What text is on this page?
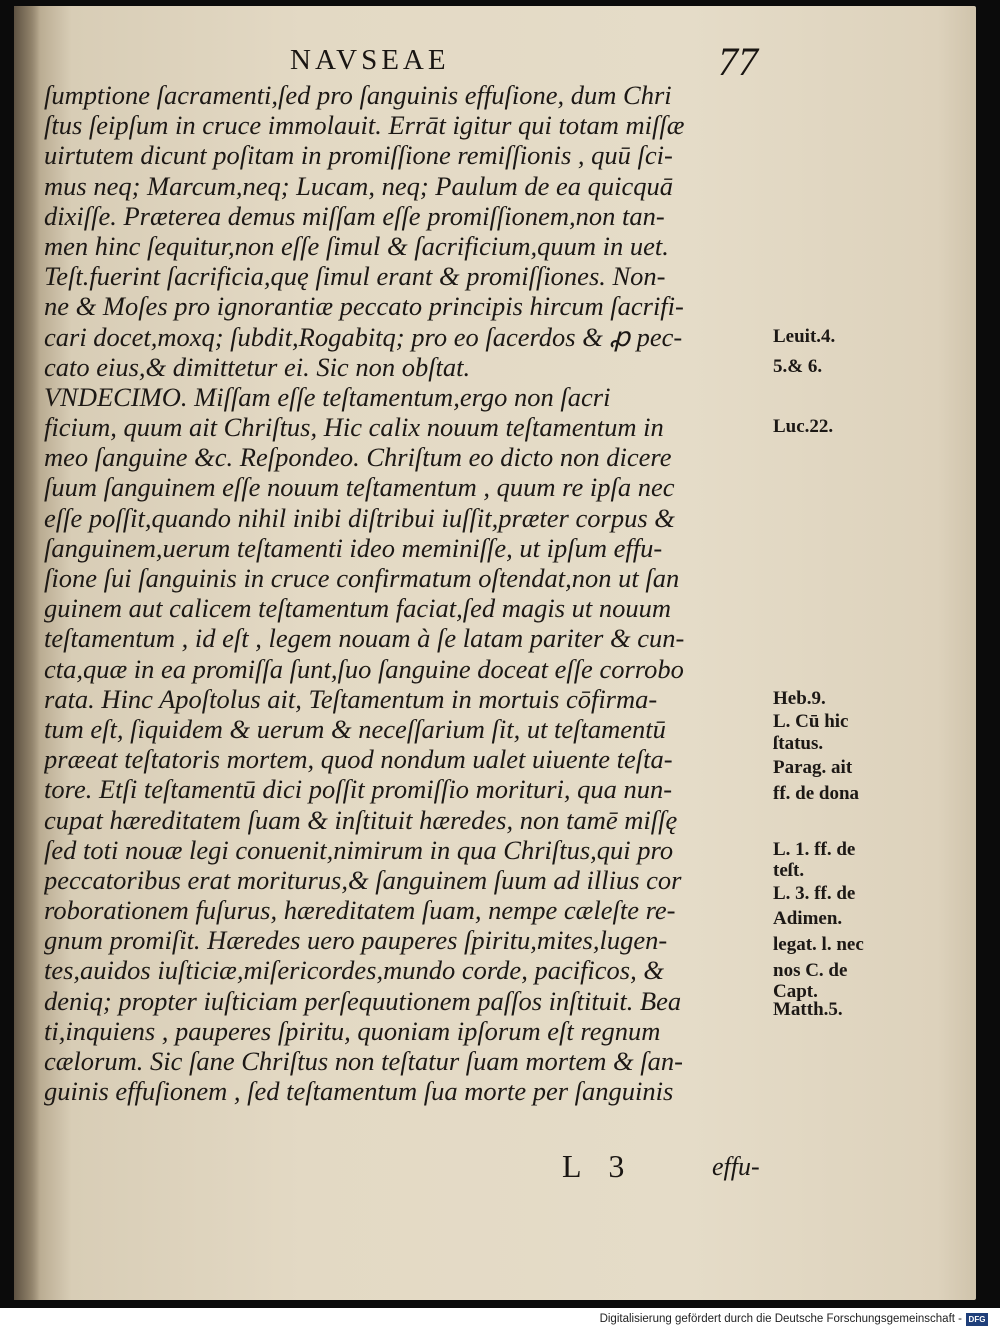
NAVSEAE	77
ſumptione ſacramenti,ſed pro ſanguinis effuſione, dum Chri
ſtus ſeipſum in cruce immolauit. Errāt igitur qui totam miſſæ
uirtutem dicunt poſitam in promiſſione remiſſionis , quū ſci-
mus neq; Marcum,neq; Lucam, neq; Paulum de ea quicquā
dixiſſe. Præterea demus miſſam eſſe promiſſionem,non tan-
men hinc ſequitur,non eſſe ſimul & ſacrificium,quum in uet.
Teſt.fuerint ſacrificia,quę ſimul erant & promiſſiones. Non-
ne & Moſes pro ignorantiæ peccato principis hircum ſacrifi-
cari docet,moxq; ſubdit,Rogabitq; pro eo ſacerdos & ꝓ pec-
cato eius,& dimittetur ei. Sic non obſtat.
VNDECIMO. Miſſam eſſe teſtamentum,ergo non ſacri
ficium, quum ait Chriſtus, Hic calix nouum teſtamentum in
meo ſanguine &c. Reſpondeo. Chriſtum eo dicto non dicere
ſuum ſanguinem eſſe nouum teſtamentum , quum re ipſa nec
eſſe poſſit,quando nihil inibi diſtribui iuſſit,præter corpus &
ſanguinem,uerum teſtamenti ideo meminiſſe, ut ipſum effu-
ſione ſui ſanguinis in cruce confirmatum oſtendat,non ut ſan
guinem aut calicem teſtamentum faciat,ſed magis ut nouum
teſtamentum , id eſt , legem nouam à ſe latam pariter & cun-
cta,quæ in ea promiſſa ſunt,ſuo ſanguine doceat eſſe corrobo
rata. Hinc Apoſtolus ait, Teſtamentum in mortuis cōfirma-
tum eſt, ſiquidem & uerum & neceſſarium ſit, ut teſtamentū
præeat teſtatoris mortem, quod nondum ualet uiuente teſta-
tore. Etſi teſtamentū dici poſſit promiſſio morituri, qua nun-
cupat hæreditatem ſuam & inſtituit hæredes, non tamē miſſę
ſed toti nouæ legi conuenit,nimirum in qua Chriſtus,qui pro
peccatoribus erat moriturus,& ſanguinem ſuum ad illius cor
roborationem fuſurus, hæreditatem ſuam, nempe cæleſte re-
gnum promiſit. Hæredes uero pauperes ſpiritu,mites,lugen-
tes,auidos iuſticiæ,miſericordes,mundo corde, pacificos, &
deniq; propter iuſticiam perſequutionem paſſos inſtituit. Bea
ti,inquiens , pauperes ſpiritu, quoniam ipſorum eſt regnum
cælorum. Sic ſane Chriſtus non teſtatur ſuam mortem & ſan-
guinis effuſionem , ſed teſtamentum ſua morte per ſanguinis
Leuit.4.
5.& 6.
Luc.22.
Heb.9.
L. Cū hic
ſtatus.
Parag. ait
ff. de dona
L. 1. ff. de
teſt.
L. 3. ff. de
Adimen.
legat. l. nec
nos C. de
Capt.
Matth.5.
L 3	effu-
Digitalisierung gefördert durch die Deutsche Forschungsgemeinschaft - DFG
